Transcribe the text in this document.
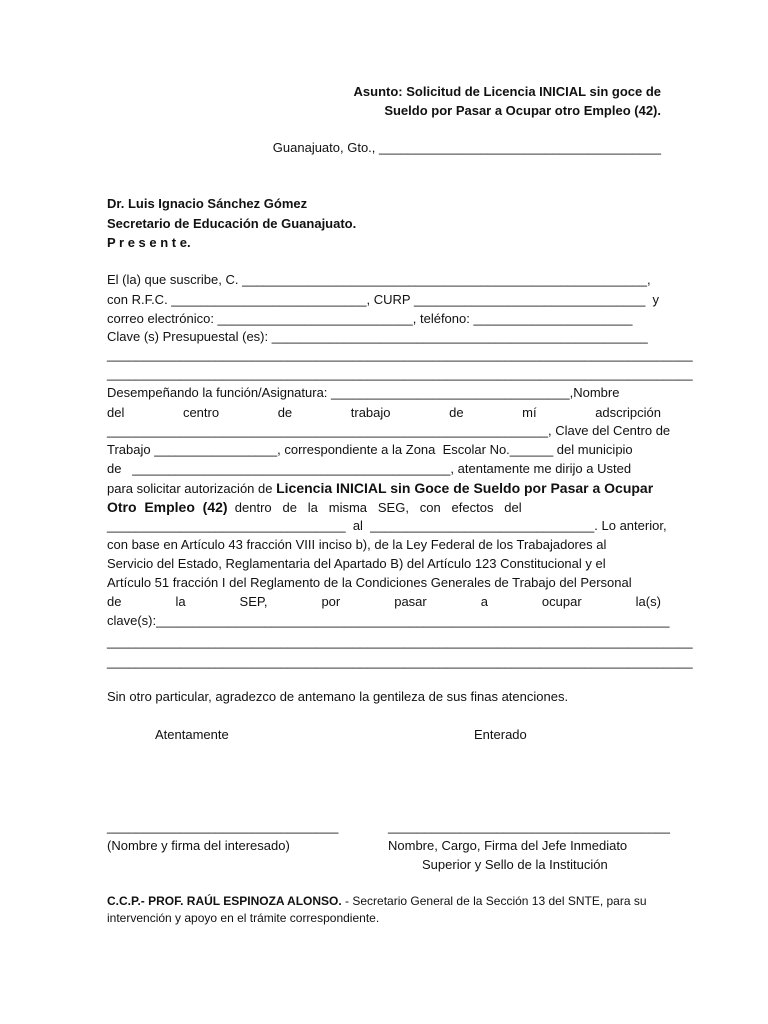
Asunto: Solicitud de Licencia INICIAL sin goce de
Sueldo por Pasar a Ocupar otro Empleo (42).
Guanajuato, Gto., _______________________________________
Dr. Luis Ignacio Sánchez Gómez
Secretario de Educación de Guanajuato.
P r e s e n t e.
El (la) que suscribe, C. ________________________________________________________,
con R.F.C. ___________________________, CURP ________________________________  y
correo electrónico: ___________________________, teléfono: ______________________
Clave (s) Presupuestal (es): ____________________________________________________
_________________________________________________________________________________
_________________________________________________________________________________
Desempeñando la función/Asignatura: _________________________________,Nombre
del	centro	de	trabajo	de	mí	adscripción
_____________________________________________________________, Clave del Centro de
Trabajo _________________, correspondiente a la Zona  Escolar No.______ del municipio
de   ____________________________________________, atentamente me dirijo a Usted
para solicitar autorización de Licencia INICIAL sin Goce de Sueldo por Pasar a Ocupar
Otro  Empleo  (42)  dentro   de   la   misma   SEG,   con   efectos   del
_________________________________  al  _______________________________. Lo anterior,
con base en Artículo 43 fracción VIII inciso b), de la Ley Federal de los Trabajadores al
Servicio del Estado, Reglamentaria del Apartado B) del Artículo 123 Constitucional y el
Artículo 51 fracción I del Reglamento de la Condiciones Generales de Trabajo del Personal
de	la	SEP,	por	pasar	a	ocupar	la(s)
clave(s):_______________________________________________________________________
_________________________________________________________________________________
_________________________________________________________________________________
Sin otro particular, agradezco de antemano la gentileza de sus finas atenciones.
Atentamente	Enterado
________________________________	_______________________________________
(Nombre y firma del interesado)	Nombre, Cargo, Firma del Jefe Inmediato
Superior y Sello de la Institución
C.C.P.- PROF. RAÚL ESPINOZA ALONSO. - Secretario General de la Sección 13 del SNTE, para su
intervención y apoyo en el trámite correspondiente.
